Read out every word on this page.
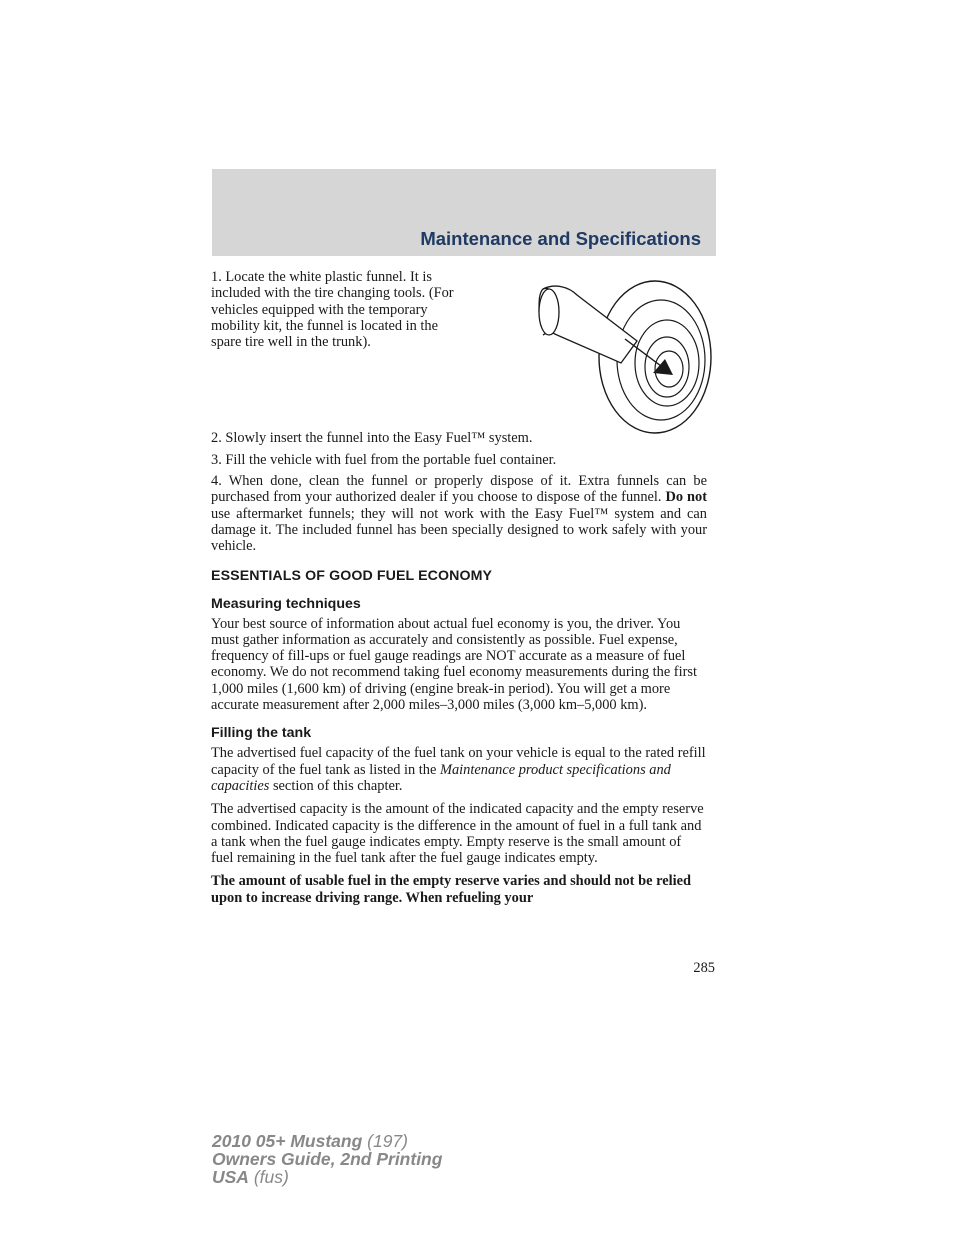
Maintenance and Specifications

1. Locate the white plastic funnel. It is included with the tire changing tools. (For vehicles equipped with the temporary mobility kit, the funnel is located in the spare tire well in the trunk).

2. Slowly insert the funnel into the Easy Fuel™ system.

3. Fill the vehicle with fuel from the portable fuel container.

4. When done, clean the funnel or properly dispose of it. Extra funnels can be purchased from your authorized dealer if you choose to dispose of the funnel. Do not use aftermarket funnels; they will not work with the Easy Fuel™ system and can damage it. The included funnel has been specially designed to work safely with your vehicle.

ESSENTIALS OF GOOD FUEL ECONOMY
Measuring techniques

Your best source of information about actual fuel economy is you, the driver. You must gather information as accurately and consistently as possible. Fuel expense, frequency of fill-ups or fuel gauge readings are NOT accurate as a measure of fuel economy. We do not recommend taking fuel economy measurements during the first 1,000 miles (1,600 km) of driving (engine break-in period). You will get a more accurate measurement after 2,000 miles–3,000 miles (3,000 km–5,000 km).

Filling the tank

The advertised fuel capacity of the fuel tank on your vehicle is equal to the rated refill capacity of the fuel tank as listed in the Maintenance product specifications and capacities section of this chapter.

The advertised capacity is the amount of the indicated capacity and the empty reserve combined. Indicated capacity is the difference in the amount of fuel in a full tank and a tank when the fuel gauge indicates empty. Empty reserve is the small amount of fuel remaining in the fuel tank after the fuel gauge indicates empty.

The amount of usable fuel in the empty reserve varies and should not be relied upon to increase driving range. When refueling your

285
2010 05+ Mustang (197)
Owners Guide, 2nd Printing
USA (fus)
